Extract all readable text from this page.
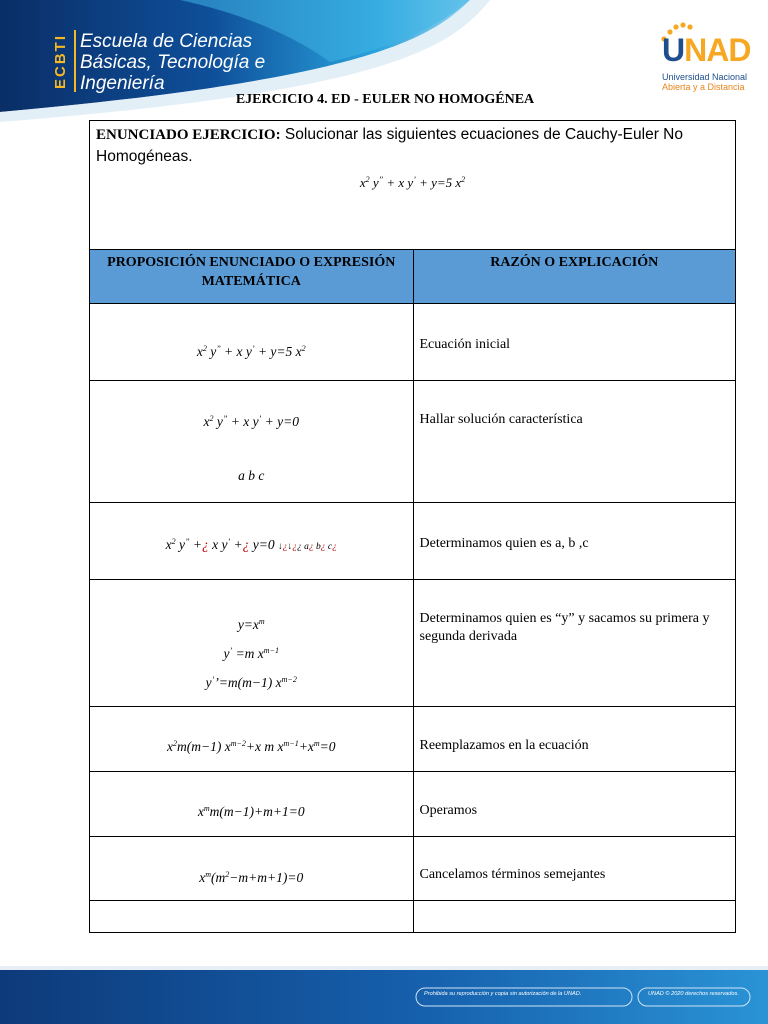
ECBTI Escuela de Ciencias
Básicas, Tecnología e
Ingeniería
UNAD
Universidad Nacional
Abierta y a Distancia
EJERCICIO 4. ED - EULER NO HOMOGÉNEA
ENUNCIADO EJERCICIO: Solucionar las siguientes ecuaciones de Cauchy-Euler No Homogéneas.
$x^2$ y’’ + x y’ + y=5 $x^2$

PROPOSICIÓN ENUNCIADO O EXPRESIÓN MATEMÁTICA	RAZÓN O EXPLICACIÓN
$x^2$ y’’ + x y’ + y=5 $x^2$	Ecuación inicial

$x^2$ y’’ + x y’ + y=0
a b c	Hallar solución característica
$x^2$ y’’ +¿ x y’ +¿ y=0 ↓¿↓¿¿ a¿ b¿ c¿	Determinamos quien es a, b ,c

$y=x^m$
y’ =m $x^{m-1}$
y’’=m(m−1) $x^{m-2}$	Determinamos quien es “y” y sacamos su primera y segunda derivada
$x^2m(m-1)$ $x^{m-2}+x$ m $x^{m-1}+x^m=0$	Reemplazamos en la ecuación
$x^mm(m-1)+m+1=0$	Operamos
$x^m(m^2-m+m+1)=0$	Cancelamos términos semejantes

Prohibida su reproducción y copia sin autorización de la UNAD.	UNAD © 2020 derechos reservados.
